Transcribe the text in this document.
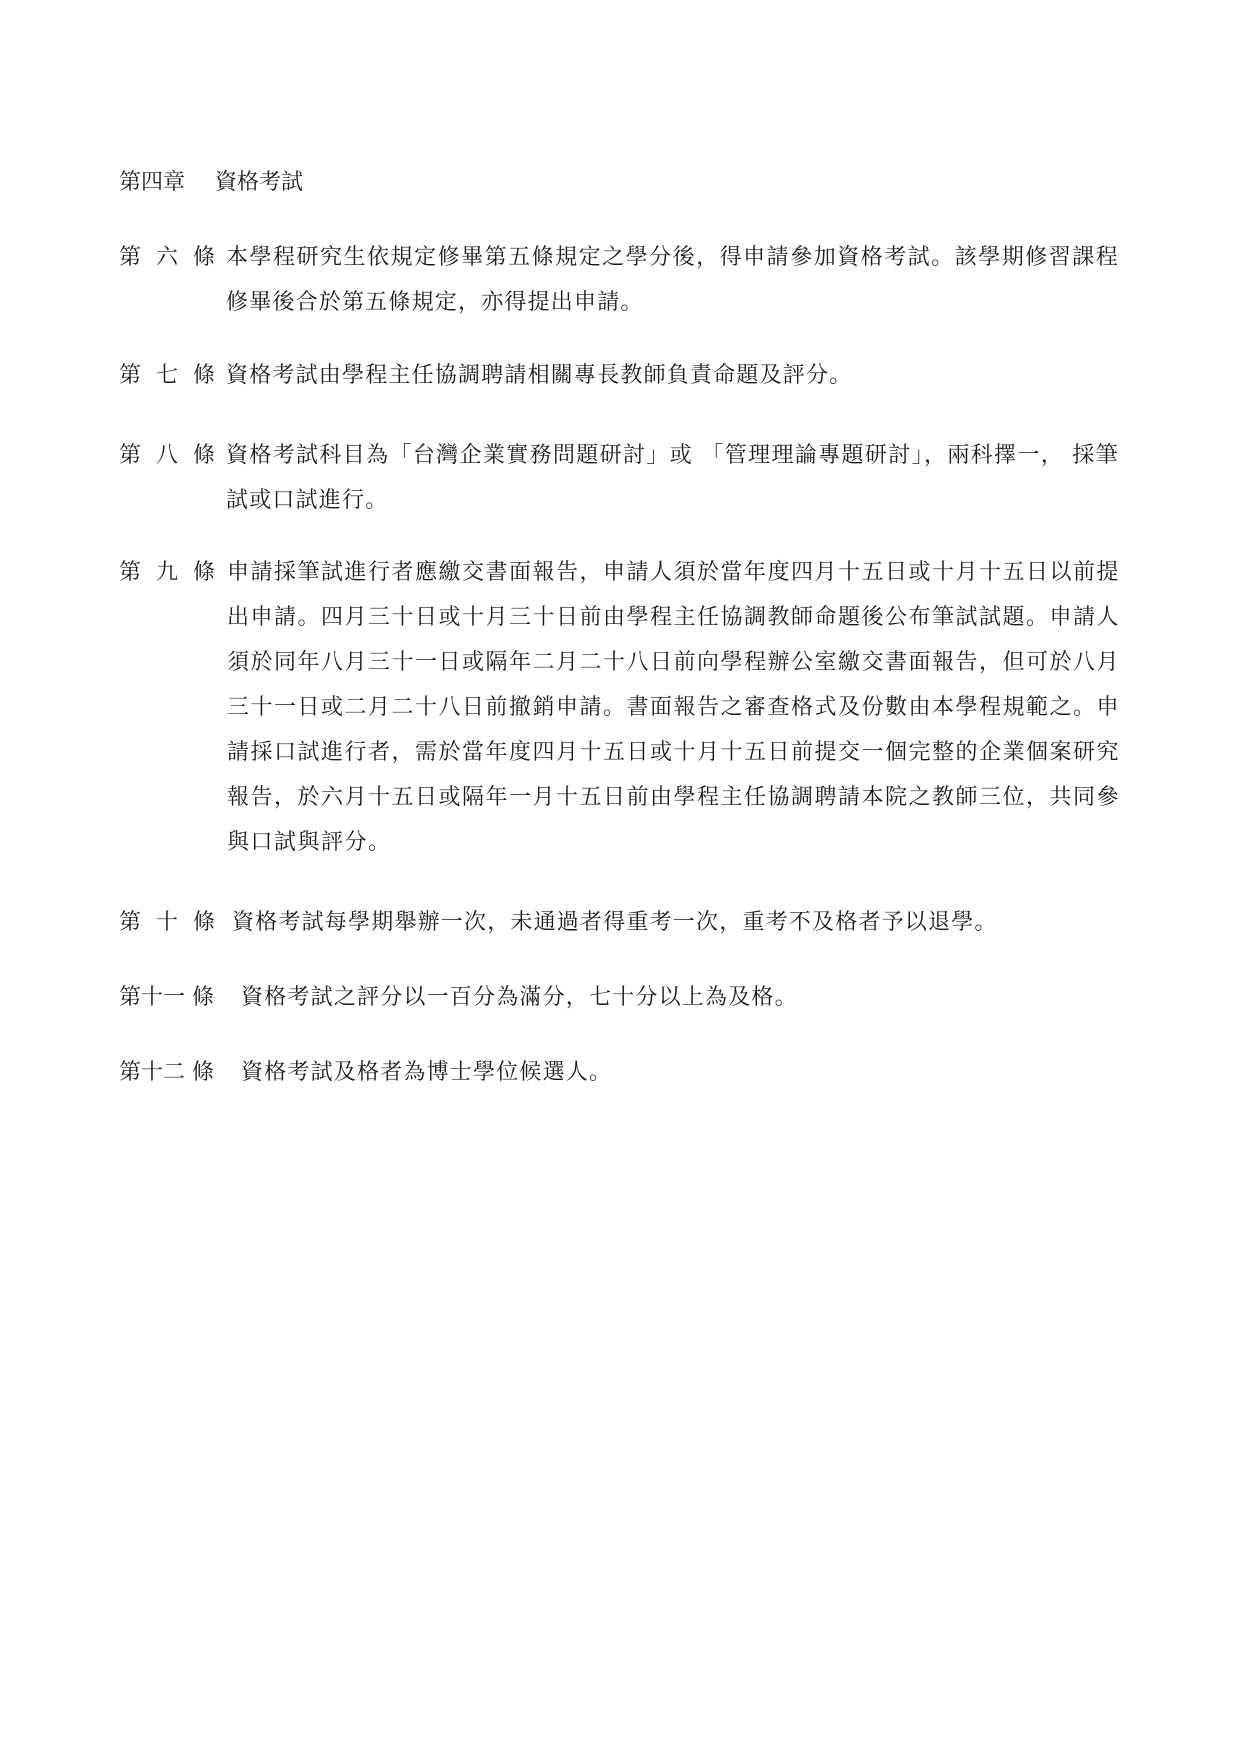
第四章 資格考試
第 六 條 本學程研究生依規定修畢第五條規定之學分後，得申請參加資格考試。該學期修習課程修畢後合於第五條規定，亦得提出申請。
第 七 條 資格考試由學程主任協調聘請相關專長教師負責命題及評分。
第 八 條 資格考試科目為「台灣企業實務問題研討」或 「管理理論專題研討」，兩科擇一， 採筆試或口試進行。
第 九 條 申請採筆試進行者應繳交書面報告，申請人須於當年度四月十五日或十月十五日以前提出申請。四月三十日或十月三十日前由學程主任協調教師命題後公布筆試試題。申請人須於同年八月三十一日或隔年二月二十八日前向學程辦公室繳交書面報告，但可於八月三十一日或二月二十八日前撤銷申請。書面報告之審查格式及份數由本學程規範之。申請採口試進行者，需於當年度四月十五日或十月十五日前提交一個完整的企業個案研究報告，於六月十五日或隔年一月十五日前由學程主任協調聘請本院之教師三位，共同參與口試與評分。
第 十 條 資格考試每學期舉辦一次，未通過者得重考一次，重考不及格者予以退學。
第十一 條 資格考試之評分以一百分為滿分，七十分以上為及格。
第十二 條 資格考試及格者為博士學位候選人。
